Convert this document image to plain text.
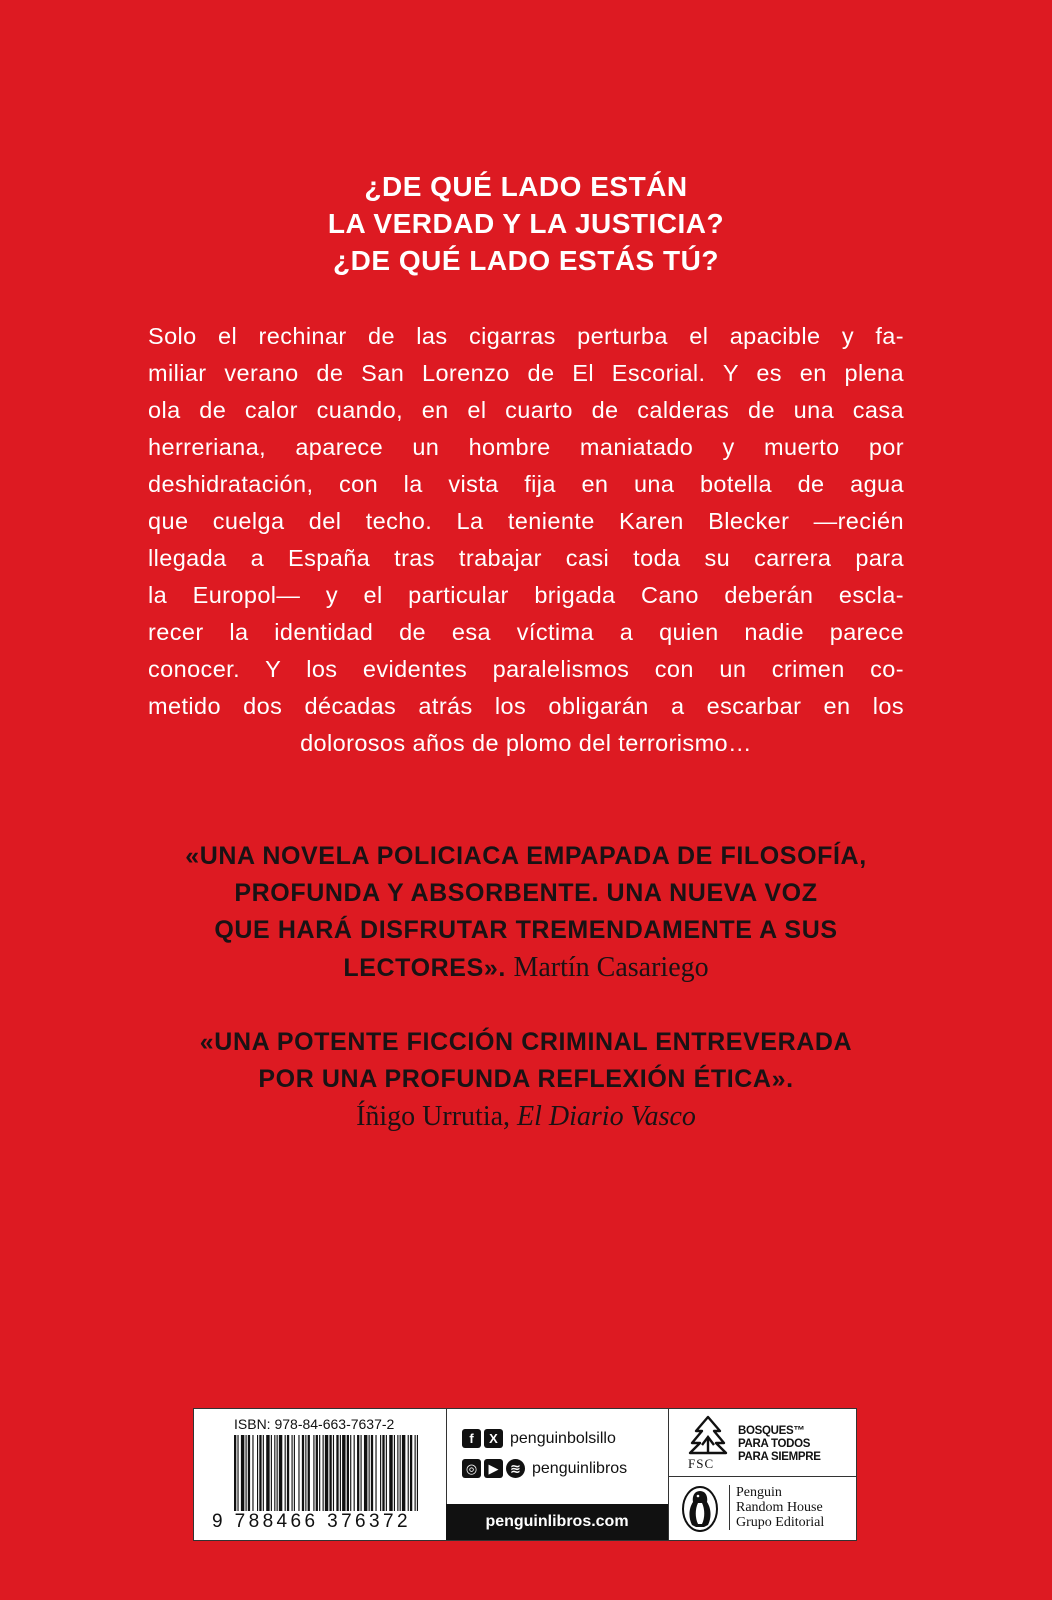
¿DE QUÉ LADO ESTÁN
LA VERDAD Y LA JUSTICIA?
¿DE QUÉ LADO ESTÁS TÚ?
Solo el rechinar de las cigarras perturba el apacible y fa-
miliar verano de San Lorenzo de El Escorial. Y es en plena
ola de calor cuando, en el cuarto de calderas de una casa
herreriana, aparece un hombre maniatado y muerto por
deshidratación, con la vista fija en una botella de agua
que cuelga del techo. La teniente Karen Blecker —recién
llegada a España tras trabajar casi toda su carrera para
la Europol— y el particular brigada Cano deberán escla-
recer la identidad de esa víctima a quien nadie parece
conocer. Y los evidentes paralelismos con un crimen co-
metido dos décadas atrás los obligarán a escarbar en los
dolorosos años de plomo del terrorismo…
«UNA NOVELA POLICIACA EMPAPADA DE FILOSOFÍA,
PROFUNDA Y ABSORBENTE. UNA NUEVA VOZ
QUE HARÁ DISFRUTAR TREMENDAMENTE A SUS
LECTORES». Martín Casariego
«UNA POTENTE FICCIÓN CRIMINAL ENTREVERADA
POR UNA PROFUNDA REFLEXIÓN ÉTICA».
Íñigo Urrutia, El Diario Vasco
ISBN: 978-84-663-7637-2
9 788466 376372
f	X penguinbolsillo
◎ ▶ ≋ penguinlibros
penguinlibros.com
FSC
BOSQUES™
PARA TODOS
PARA SIEMPRE
Penguin
Random House
Grupo Editorial
